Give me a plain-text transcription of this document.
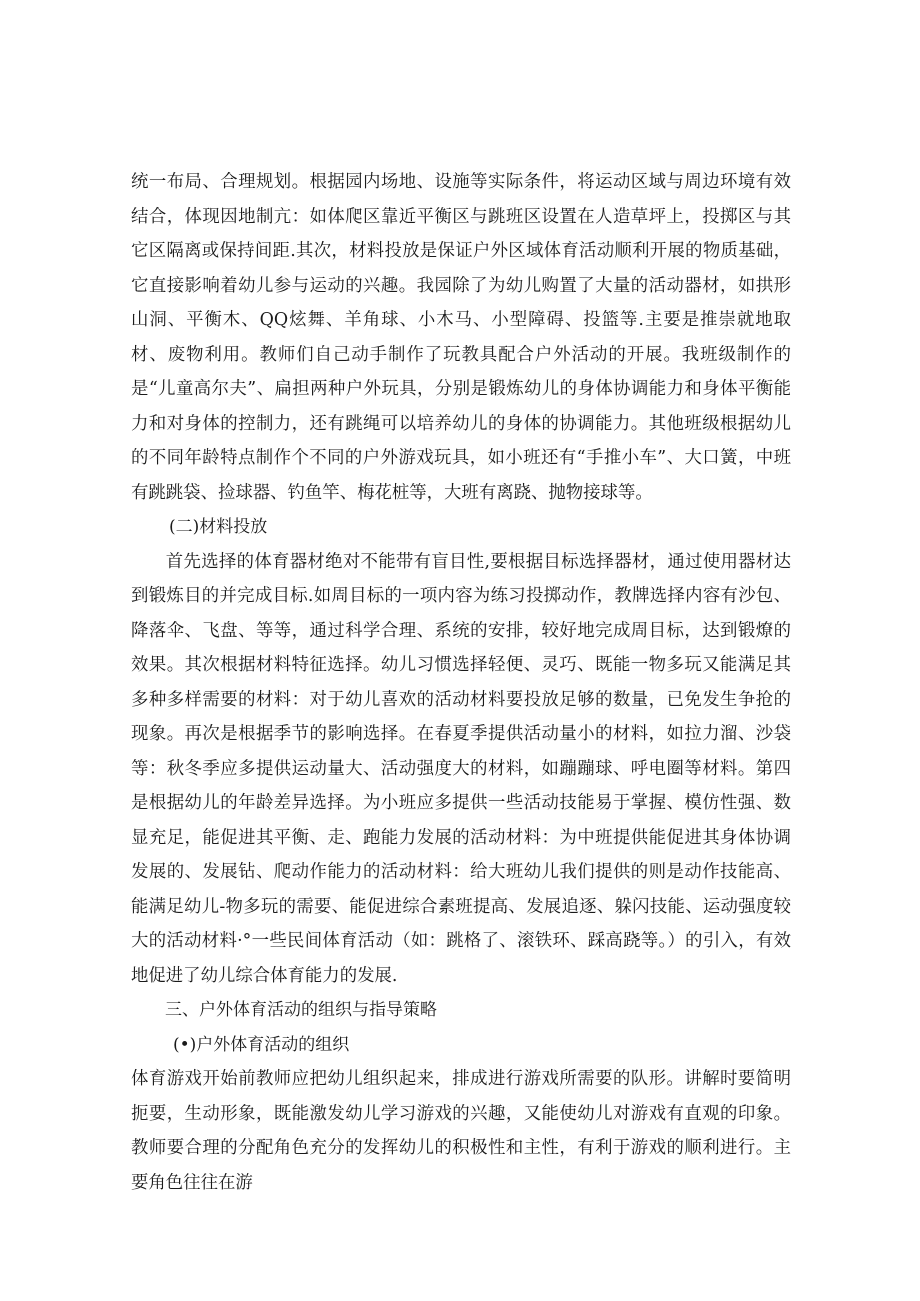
统一布局、合理规划。根据园内场地、设施等实际条件，将运动区域与周边环境有效结合，体现因地制亢：如体爬区靠近平衡区与跳班区设置在人造草坪上，投掷区与其它区隔离或保持间距.其次，材料投放是保证户外区域体育活动顺利开展的物质基础，它直接影响着幼儿参与运动的兴趣。我园除了为幼儿购置了大量的活动器材，如拱形山洞、平衡木、QQ炫舞、羊角球、小木马、小型障碍、投篮等.主要是推崇就地取材、废物利用。教师们自己动手制作了玩教具配合户外活动的开展。我班级制作的是“儿童高尔夫”、扁担两种户外玩具，分别是锻炼幼儿的身体协调能力和身体平衡能力和对身体的控制力，还有跳绳可以培养幼儿的身体的协调能力。其他班级根据幼儿的不同年龄特点制作个不同的户外游戏玩具，如小班还有“手推小车”、大口簧，中班有跳跳袋、捡球器、钓鱼竿、梅花桩等，大班有离跷、抛物接球等。

(二)材料投放

首先选择的体育器材绝对不能带有盲目性,要根据目标选择器材，通过使用器材达到锻炼目的并完成目标.如周目标的一项内容为练习投掷动作，教牌选择内容有沙包、降落伞、飞盘、等等，通过科学合理、系统的安排，较好地完成周目标，达到锻燎的效果。其次根据材料特征选择。幼儿习惯选择轻便、灵巧、既能一物多玩又能满足其多种多样需要的材料：对于幼儿喜欢的活动材料要投放足够的数量，已免发生争抢的现象。再次是根据季节的影响选择。在春夏季提供活动量小的材料，如拉力溜、沙袋等：秋冬季应多提供运动量大、活动强度大的材料，如蹦蹦球、呼电圈等材料。第四是根据幼儿的年龄差异选择。为小班应多提供一些活动技能易于掌握、模仿性强、数显充足，能促进其平衡、走、跑能力发展的活动材料：为中班提供能促进其身体协调发展的、发展钻、爬动作能力的活动材料：给大班幼儿我们提供的则是动作技能高、能满足幼儿-物多玩的需要、能促进综合素班提高、发展追逐、躲闪技能、运动强度较大的活动材料·°一些民间体育活动（如：跳格了、滚铁环、踩高跷等。）的引入，有效地促进了幼儿综合体育能力的发展.

三、户外体育活动的组织与指导策略

(•)户外体育活动的组织

体育游戏开始前教师应把幼儿组织起来，排成进行游戏所需要的队形。讲解时要简明扼要，生动形象，既能激发幼儿学习游戏的兴趣，又能使幼儿对游戏有直观的印象。教师要合理的分配角色充分的发挥幼儿的积极性和主性，有利于游戏的顺利进行。主要角色往往在游
